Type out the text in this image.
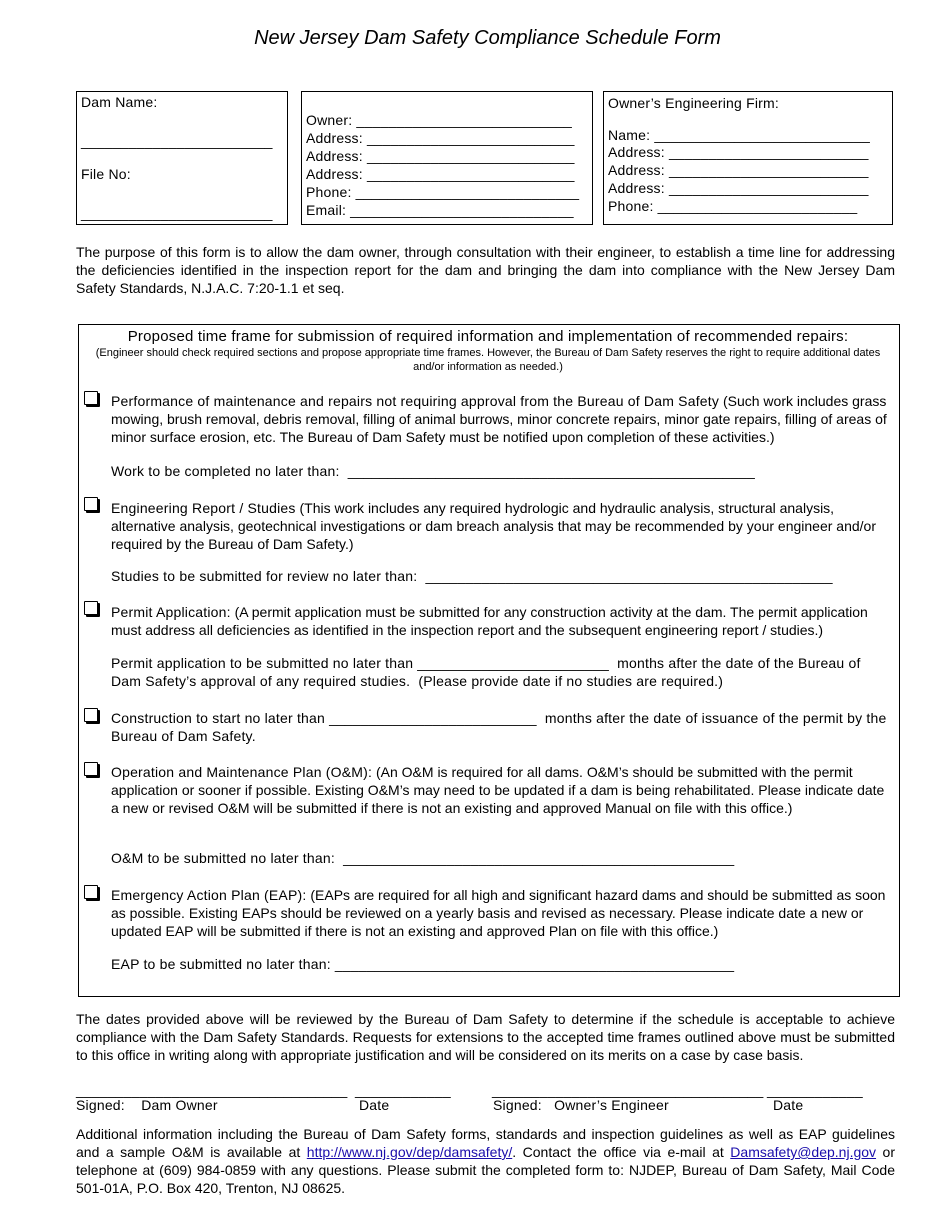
New Jersey Dam Safety Compliance Schedule Form
Dam Name:
________________________
File No:
________________________
Owner: ___________________________
Address: __________________________
Address: __________________________
Address: __________________________
Phone: ____________________________
Email: ____________________________
Owner’s Engineering Firm:
Name: ___________________________
Address: _________________________
Address: _________________________
Address: _________________________
Phone: _________________________
The purpose of this form is to allow the dam owner, through consultation with their engineer, to establish a time line for addressing the deficiencies identified in the inspection report for the dam and bringing the dam into compliance with the New Jersey Dam Safety Standards, N.J.A.C. 7:20-1.1 et seq.
Proposed time frame for submission of required information and implementation of recommended repairs:
(Engineer should check required sections and propose appropriate time frames. However, the Bureau of Dam Safety reserves the right to require additional dates and/or information as needed.)
Performance of maintenance and repairs not requiring approval from the Bureau of Dam Safety (Such work includes grass mowing, brush removal, debris removal, filling of animal burrows, minor concrete repairs, minor gate repairs, filling of areas of minor surface erosion, etc. The Bureau of Dam Safety must be notified upon completion of these activities.)
Work to be completed no later than:  ___________________________________________________
Engineering Report / Studies (This work includes any required hydrologic and hydraulic analysis, structural analysis, alternative analysis, geotechnical investigations or dam breach analysis that may be recommended by your engineer and/or required by the Bureau of Dam Safety.)
Studies to be submitted for review no later than:  ___________________________________________________
Permit Application: (A permit application must be submitted for any construction activity at the dam. The permit application must address all deficiencies as identified in the inspection report and the subsequent engineering report / studies.)
Permit application to be submitted no later than ________________________  months after the date of the Bureau of Dam Safety’s approval of any required studies.  (Please provide date if no studies are required.)
Construction to start no later than __________________________  months after the date of issuance of the permit by the Bureau of Dam Safety.
Operation and Maintenance Plan (O&M): (An O&M is required for all dams. O&M’s should be submitted with the permit application or sooner if possible. Existing O&M’s may need to be updated if a dam is being rehabilitated. Please indicate date a new or revised O&M will be submitted if there is not an existing and approved Manual on file with this office.)
O&M to be submitted no later than:  _________________________________________________
Emergency Action Plan (EAP): (EAPs are required for all high and significant hazard dams and should be submitted as soon as possible. Existing EAPs should be reviewed on a yearly basis and revised as necessary. Please indicate date a new or updated EAP will be submitted if there is not an existing and approved Plan on file with this office.)
EAP to be submitted no later than: __________________________________________________
The dates provided above will be reviewed by the Bureau of Dam Safety to determine if the schedule is acceptable to achieve compliance with the Dam Safety Standards. Requests for extensions to the accepted time frames outlined above must be submitted to this office in writing along with appropriate justification and will be considered on its merits on a case by case basis.
__________________________________ ____________	__________________________________ ____________
Signed:    Dam Owner	Date	Signed:   Owner’s Engineer	Date
Additional information including the Bureau of Dam Safety forms, standards and inspection guidelines as well as EAP guidelines and a sample O&M is available at http://www.nj.gov/dep/damsafety/. Contact the office via e-mail at Damsafety@dep.nj.gov or telephone at (609) 984-0859 with any questions. Please submit the completed form to: NJDEP, Bureau of Dam Safety, Mail Code 501-01A, P.O. Box 420, Trenton, NJ 08625.
